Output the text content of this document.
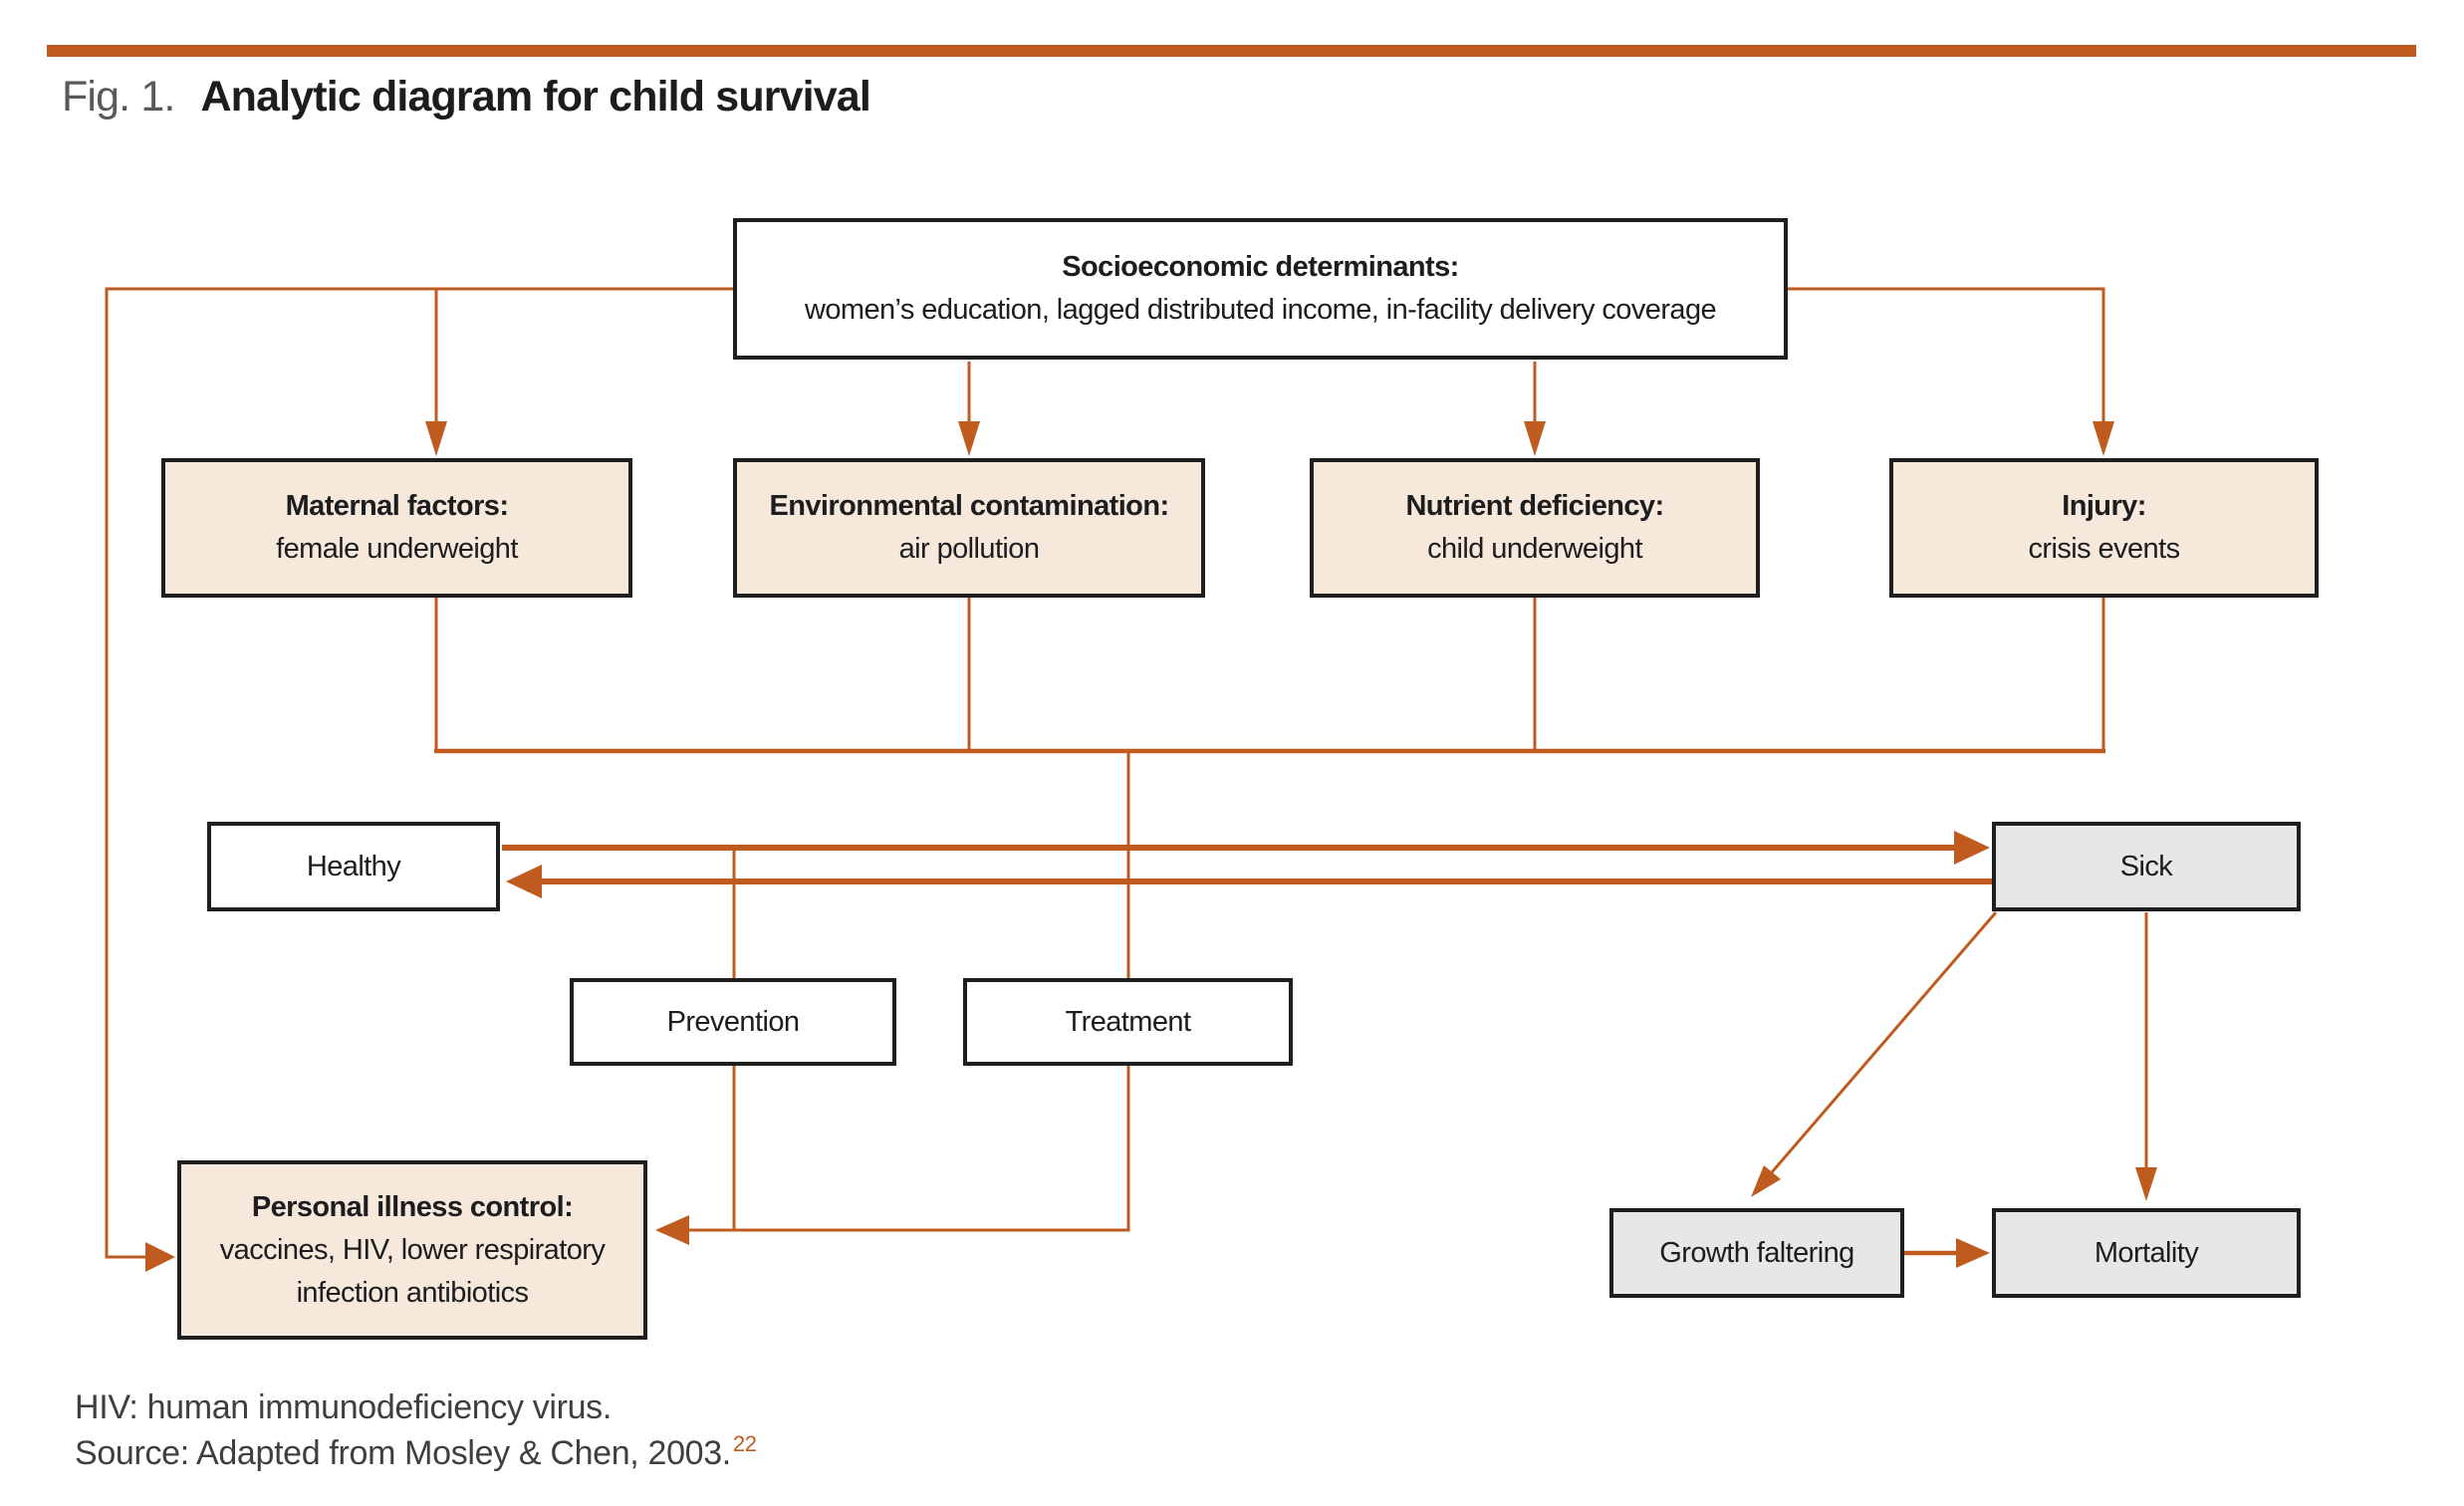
Fig. 1. Analytic diagram for child survival
Socioeconomic determinants:
women’s education, lagged distributed income, in-facility delivery coverage
Maternal factors:
female underweight
Environmental contamination:
air pollution
Nutrient deficiency:
child underweight
Injury:
crisis events
Healthy	Sick
Prevention	Treatment
Personal illness control:
vaccines, HIV, lower respiratory
infection antibiotics
Growth faltering	Mortality
HIV: human immunodeficiency virus.
Source: Adapted from Mosley & Chen, 2003.22
